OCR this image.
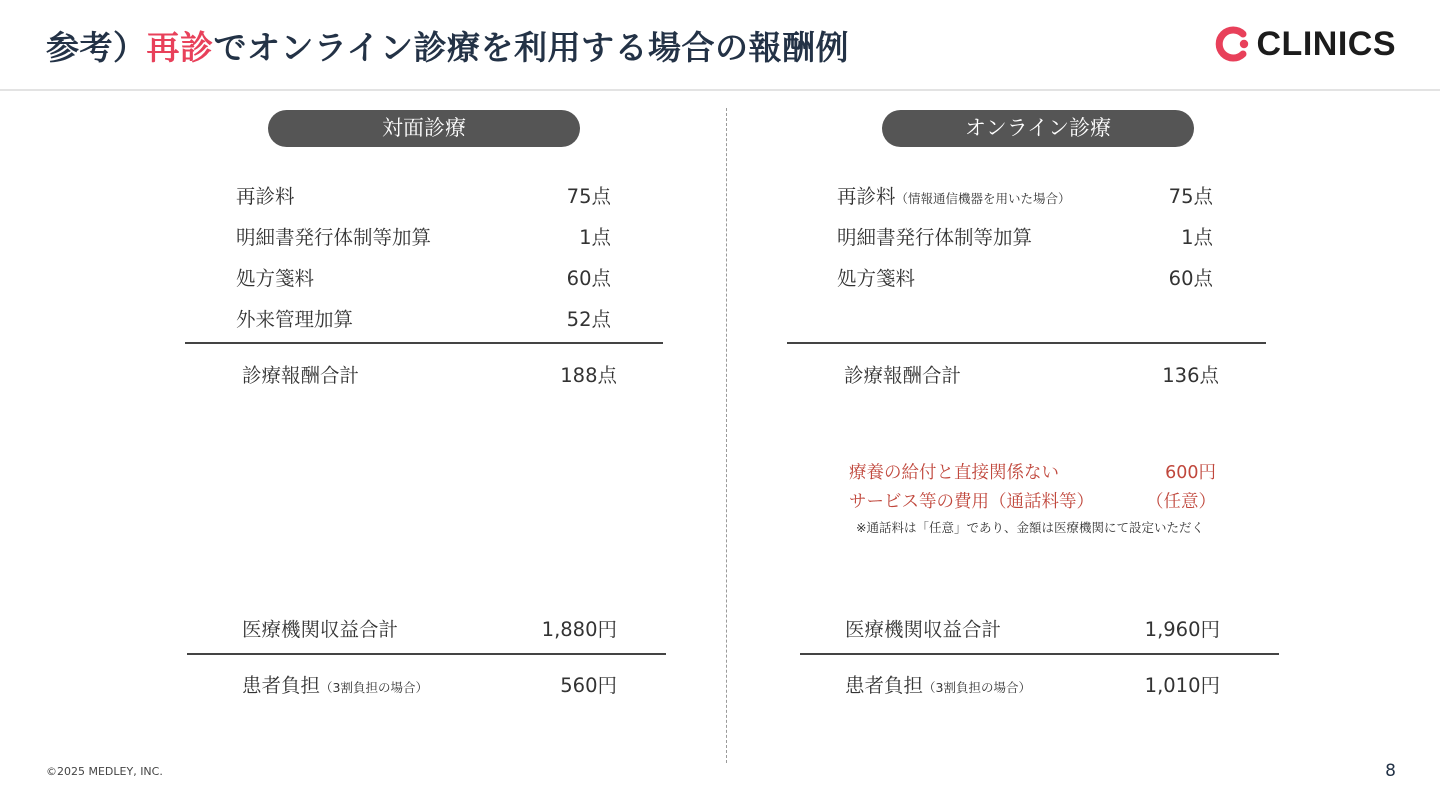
参考）再診でオンライン診療を利用する場合の報酬例	CLINICS
対面診療
再診料	75点
明細書発行体制等加算	1点
処方箋料	60点
外来管理加算	52点
診療報酬合計	188点
医療機関収益合計	1,880円
患者負担（3割負担の場合）	560円
オンライン診療
再診料（情報通信機器を用いた場合）	75点
明細書発行体制等加算	1点
処方箋料	60点
診療報酬合計	136点
療養の給付と直接関係ない	600円
サービス等の費用（通話料等）	（任意）
※通話料は「任意」であり、金額は医療機関にて設定いただく
医療機関収益合計	1,960円
患者負担（3割負担の場合）	1,010円
©2025 MEDLEY, INC.	8
